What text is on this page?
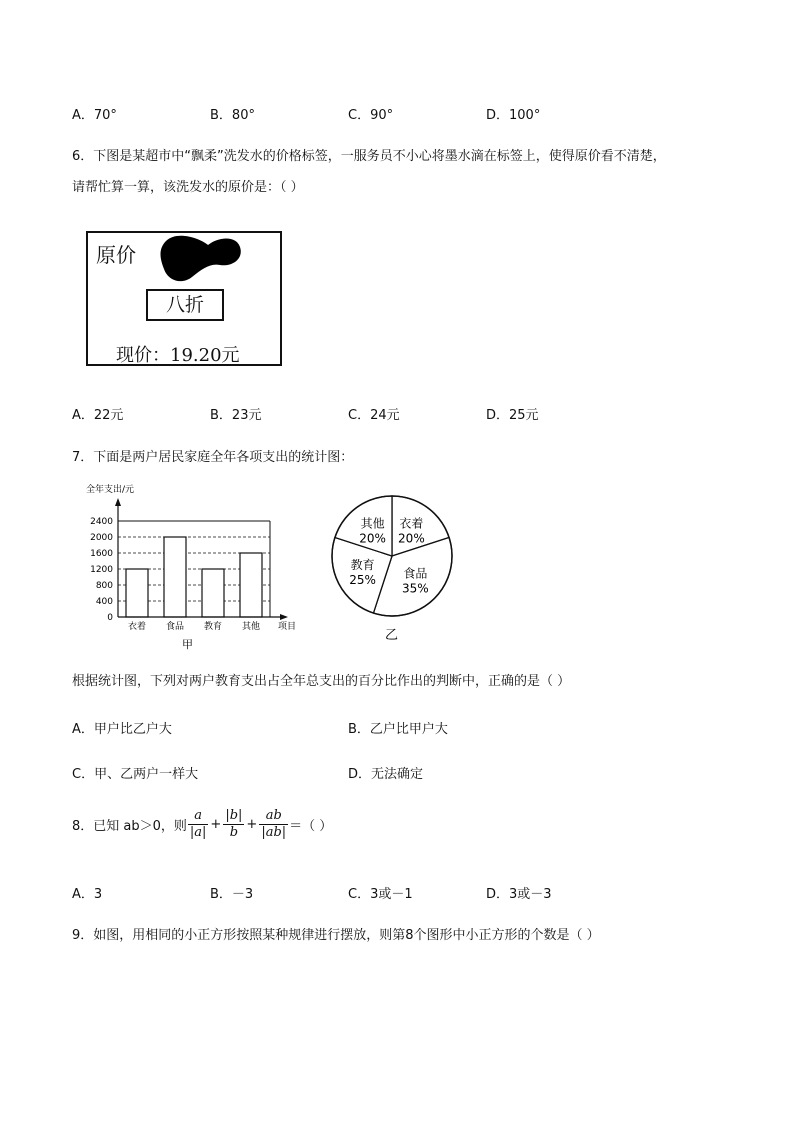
A．70°	B．80°	C．90°	D．100°
6．下图是某超市中“飘柔”洗发水的价格标签，一服务员不小心将墨水滴在标签上，使得原价看不清楚，
请帮忙算一算，该洗发水的原价是：（ ）
原价
八折
现价：19.20元
A．22元	B．23元	C．24元	D．25元
7．下面是两户居民家庭全年各项支出的统计图：
全年支出/元
0
400
800
1200
1600
2000
2400
衣着 食品 教育 其他 项目
甲
衣着
20%
食品
35%
教育
25%
其他
20%
乙
根据统计图，下列对两户教育支出占全年总支出的百分比作出的判断中，正确的是（ ）
A．甲户比乙户大	B．乙户比甲户大
C．甲、乙两户一样大	D．无法确定
8．已知 ab＞0，则 $\frac{a}{|a|} + \frac{|b|}{b} + \frac{ab}{|ab|}$ ＝（ ）
A．3	B．－3	C．3或－1	D．3或－3
9．如图，用相同的小正方形按照某种规律进行摆放，则第8个图形中小正方形的个数是（ ）
